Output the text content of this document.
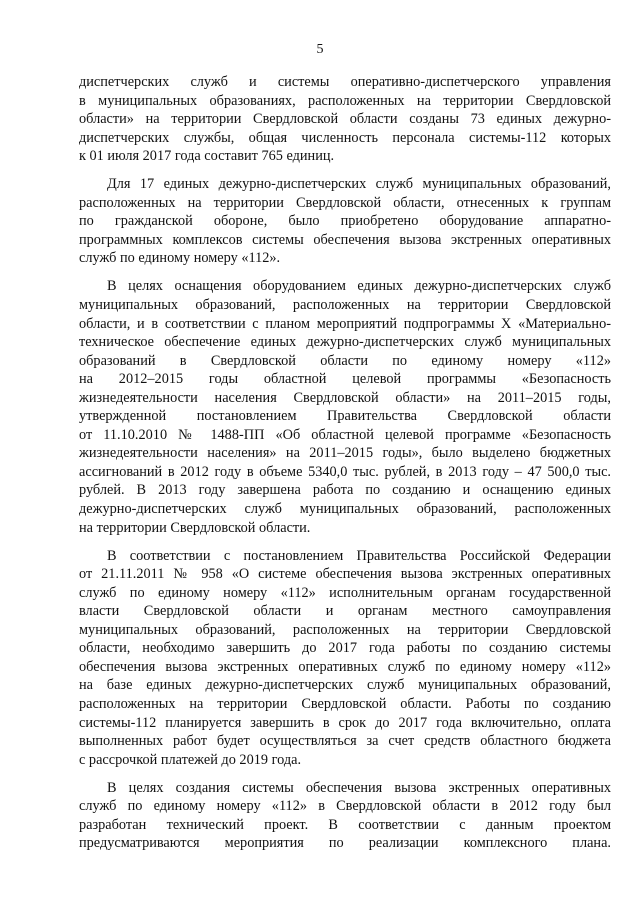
5
диспетчерских служб и системы оперативно-диспетчерского управления
в муниципальных образованиях, расположенных на территории Свердловской
области» на территории Свердловской области созданы 73 единых дежурно-
диспетчерских службы, общая численность персонала системы-112 которых
к 01 июля 2017 года составит 765 единиц.
Для 17 единых дежурно-диспетчерских служб муниципальных образований,
расположенных на территории Свердловской области, отнесенных к группам
по гражданской обороне, было приобретено оборудование аппаратно-
программных комплексов системы обеспечения вызова экстренных оперативных
служб по единому номеру «112».
В целях оснащения оборудованием единых дежурно-диспетчерских служб
муниципальных образований, расположенных на территории Свердловской
области, и в соответствии с планом мероприятий подпрограммы X «Материально-
техническое обеспечение единых дежурно-диспетчерских служб муниципальных
образований в Свердловской области по единому номеру «112»
на 2012–2015 годы областной целевой программы «Безопасность
жизнедеятельности населения Свердловской области» на 2011–2015 годы,
утвержденной постановлением Правительства Свердловской области
от 11.10.2010 № 1488-ПП «Об областной целевой программе «Безопасность
жизнедеятельности населения» на 2011–2015 годы», было выделено бюджетных
ассигнований в 2012 году в объеме 5340,0 тыс. рублей, в 2013 году – 47 500,0 тыс.
рублей. В 2013 году завершена работа по созданию и оснащению единых
дежурно-диспетчерских служб муниципальных образований, расположенных
на территории Свердловской области.
В соответствии с постановлением Правительства Российской Федерации
от 21.11.2011 № 958 «О системе обеспечения вызова экстренных оперативных
служб по единому номеру «112» исполнительным органам государственной
власти Свердловской области и органам местного самоуправления
муниципальных образований, расположенных на территории Свердловской
области, необходимо завершить до 2017 года работы по созданию системы
обеспечения вызова экстренных оперативных служб по единому номеру «112»
на базе единых дежурно-диспетчерских служб муниципальных образований,
расположенных на территории Свердловской области. Работы по созданию
системы-112 планируется завершить в срок до 2017 года включительно, оплата
выполненных работ будет осуществляться за счет средств областного бюджета
с рассрочкой платежей до 2019 года.
В целях создания системы обеспечения вызова экстренных оперативных
служб по единому номеру «112» в Свердловской области в 2012 году был
разработан технический проект. В соответствии с данным проектом
предусматриваются мероприятия по реализации комплексного плана.
